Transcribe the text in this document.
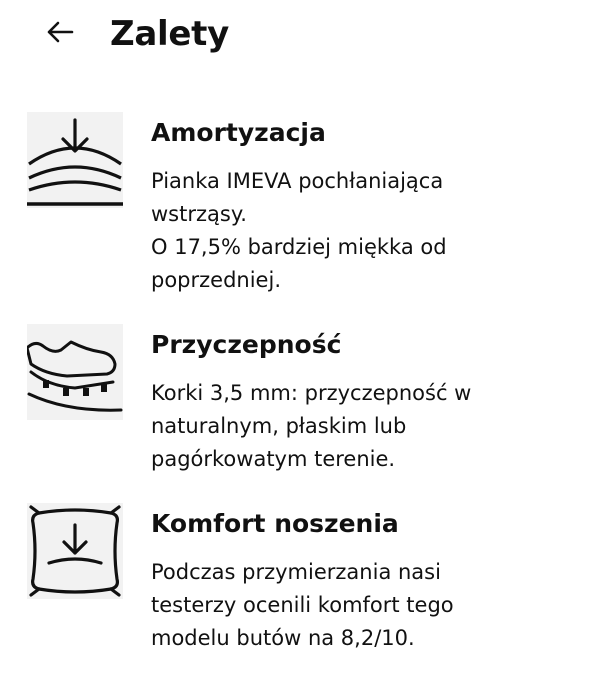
Zalety
Amortyzacja
Pianka IMEVA pochłaniająca
wstrząsy.
O 17,5% bardziej miękka od
poprzedniej.
Przyczepność
Korki 3,5 mm: przyczepność w
naturalnym, płaskim lub
pagórkowatym terenie.
Komfort noszenia
Podczas przymierzania nasi
testerzy ocenili komfort tego
modelu butów na 8,2/10.
